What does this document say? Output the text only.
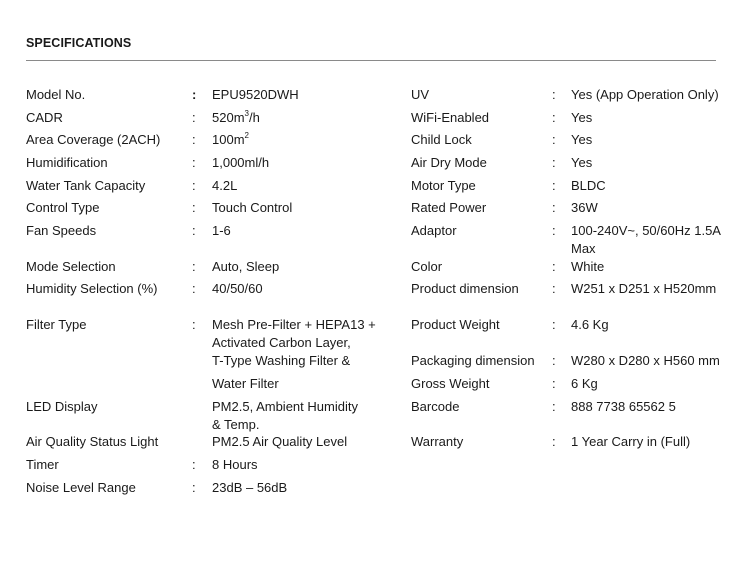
SPECIFICATIONS
Model No.	: EPU9520DWH
CADR	: $520m^3/h$
Area Coverage (2ACH) : $100m^2$
Humidification	: 1,000ml/h
Water Tank Capacity	: 4.2L
Control Type	: Touch Control
Fan Speeds	: 1-6
Mode Selection	: Auto, Sleep
Humidity Selection (%)	: 40/50/60
Filter Type	: Mesh Pre-Filter + HEPA13 +
Activated Carbon Layer,
T-Type Washing Filter &
Water Filter
LED Display	PM2.5, Ambient Humidity
& Temp.
Air Quality Status Light	PM2.5 Air Quality Level
Timer	: 8 Hours
Noise Level Range	: 23dB – 56dB
UV	: Yes (App Operation Only)
WiFi-Enabled	: Yes
Child Lock	: Yes
Air Dry Mode	: Yes
Motor Type	: BLDC
Rated Power	: 36W
Adaptor	: 100-240V~, 50/60Hz 1.5A
Max
Color	: White
Product dimension	: W251 x D251 x H520mm
Product Weight	: 4.6 Kg
Packaging dimension : W280 x D280 x H560 mm
Gross Weight	: 6 Kg
Barcode	: 888 7738 65562 5
Warranty	: 1 Year Carry in (Full)
